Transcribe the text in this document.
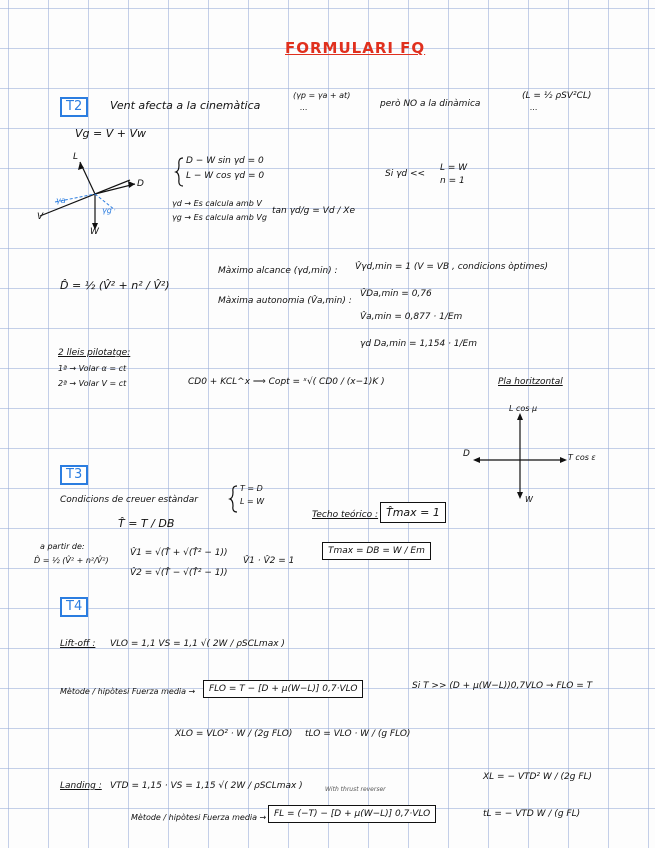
FORMULARI FQ
T2	Vent afecta a la cinemàtica
(γp = γa + at)
...	però NO a la dinàmica
(L = ½ ρSV²CL)
...
Vg = V + Vw
L
D
V
W
γa
γg
D − W sin γd = 0
L − W cos γd = 0	Si γd <<
L = W
n = 1
γd → Es calcula amb V
γg → Es calcula amb Vg
tan γd/g = Vd / Xe
D̂ = ½ (V̂² + n² / V̂²)
Màximo alcance (γd,min) : V̂γd,min = 1 (V = VB , condicions òptimes)
Màxima autonomia (V̂a,min) :
V̂Da,min = 0,76
V̂a,min = 0,877 · 1/Em
γd Da,min = 1,154 · 1/Em
2 lleis pilotatge:
1ª → Volar α = ct
2ª → Volar V = ct	CD0 + KCL^x ⟹ Copt = ˣ√( CD0 / (x−1)K )	Pla horitzontal
L cos μ
D	T cos ε
W
T3
Condicions de creuer estàndar
T = D
L = W
T̂ = T / DB
a partir de:
D̂ = ½ (V̂² + n²/V̂²)
V̂1 = √(T̂ + √(T̂² − 1))
V̂2 = √(T̂ − √(T̂² − 1))
V̂1 · V̂2 = 1
Techo teórico : T̂max = 1
Tmax = DB = W / Em
T4
Lift-off : VLO = 1,1 VS = 1,1 √( 2W / ρSCLmax )
Mètode / hipòtesi Fuerza media →	FLO = T − [D + μ(W−L)] 0,7·VLO	Si T >> (D + μ(W−L))0,7VLO → FLO = T
XLO = VLO² · W / (2g FLO) tLO = VLO · W / (g FLO)
Landing : VTD = 1,15 · VS = 1,15 √( 2W / ρSCLmax )
Mètode / hipòtesi Fuerza media →
With thrust reverser
FL = (−T) − [D + μ(W−L)] 0,7·VLO
XL = − VTD² W / (2g FL)
tL = − VTD W / (g FL)
